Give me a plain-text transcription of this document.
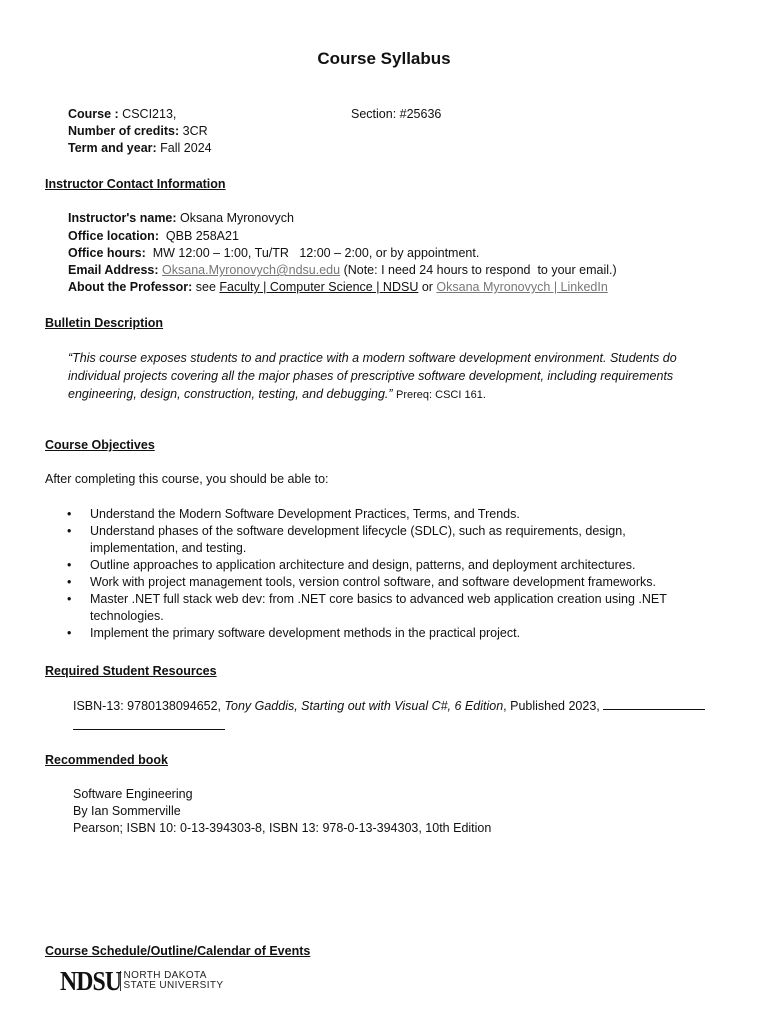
Course Syllabus
Course : CSCI213,	Section: #25636
Number of credits: 3CR
Term and year: Fall 2024
Instructor Contact Information
Instructor's name: Oksana Myronovych
Office location:  QBB 258A21
Office hours:  MW 12:00 – 1:00, Tu/TR   12:00 – 2:00, or by appointment.
Email Address: Oksana.Myronovych@ndsu.edu (Note: I need 24 hours to respond  to your email.)
About the Professor: see Faculty | Computer Science | NDSU or Oksana Myronovych | LinkedIn
Bulletin Description
“This course exposes students to and practice with a modern software development environment. Students do individual projects covering all the major phases of prescriptive software development, including requirements engineering, design, construction, testing, and debugging.” Prereq: CSCI 161.
Course Objectives
After completing this course, you should be able to:
• Understand the Modern Software Development Practices, Terms, and Trends.
• Understand phases of the software development lifecycle (SDLC), such as requirements, design, implementation, and testing.
• Outline approaches to application architecture and design, patterns, and deployment architectures.
• Work with project management tools, version control software, and software development frameworks.
• Master .NET full stack web dev: from .NET core basics to advanced web application creation using .NET technologies.
• Implement the primary software development methods in the practical project.
Required Student Resources
ISBN-13: 9780138094652, Tony Gaddis, Starting out with Visual C#, 6 Edition, Published 2023,
Recommended book
Software Engineering
By Ian Sommerville
Pearson; ISBN 10: 0-13-394303-8, ISBN 13: 978-0-13-394303, 10th Edition
Course Schedule/Outline/Calendar of Events
NDSU NORTH DAKOTA
STATE UNIVERSITY
